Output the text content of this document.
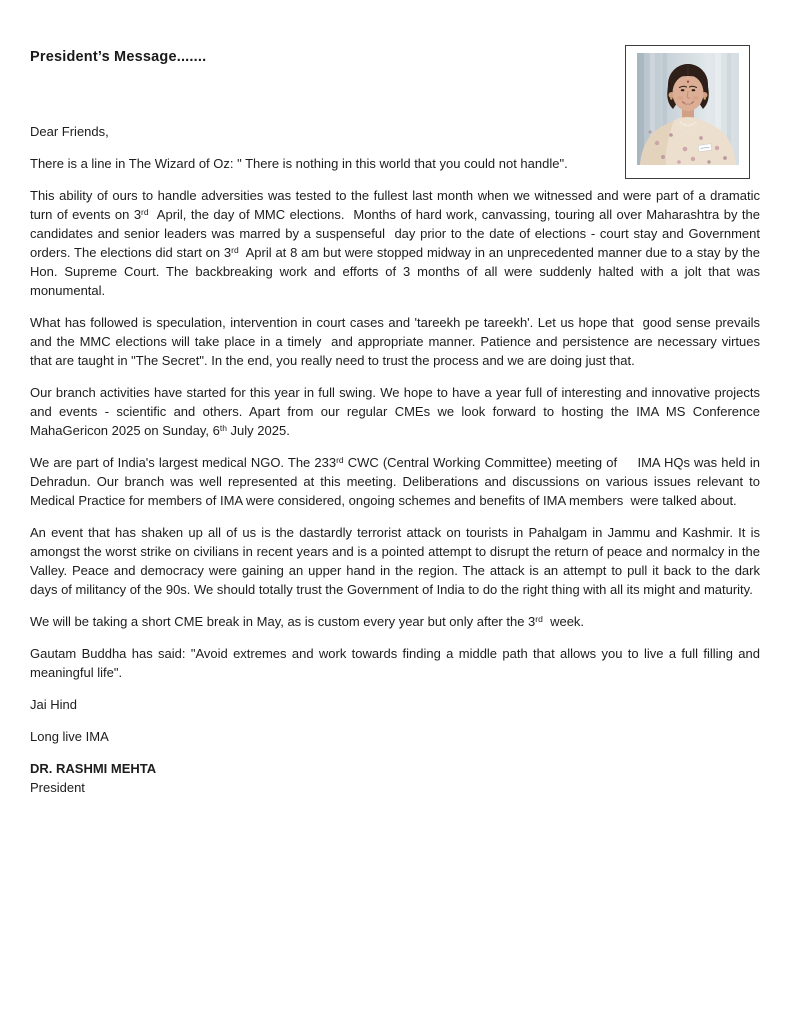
President’s Message.......

Dear Friends,

There is a line in The Wizard of Oz: " There is nothing in this world that you could not handle".

This ability of ours to handle adversities was tested to the fullest last month when we witnessed and were part of a dramatic turn of events on 3rd  April, the day of MMC elections.  Months of hard work, canvassing, touring all over Maharashtra by the candidates and senior leaders was marred by a suspenseful  day prior to the date of elections - court stay and Government orders. The elections did start on 3rd  April at 8 am but were stopped midway in an unprecedented manner due to a stay by the Hon. Supreme Court. The backbreaking work and efforts of 3 months of all were suddenly halted with a jolt that was monumental.

What has followed is speculation, intervention in court cases and 'tareekh pe tareekh'. Let us hope that  good sense prevails and the MMC elections will take place in a timely  and appropriate manner. Patience and persistence are necessary virtues that are taught in "The Secret". In the end, you really need to trust the process and we are doing just that.

Our branch activities have started for this year in full swing. We hope to have a year full of interesting and innovative projects and events - scientific and others. Apart from our regular CMEs we look forward to hosting the IMA MS Conference MahaGericon 2025 on Sunday, 6th July 2025.

We are part of India's largest medical NGO. The 233rd CWC (Central Working Committee) meeting of     IMA HQs was held in Dehradun. Our branch was well represented at this meeting. Deliberations and discussions on various issues relevant to Medical Practice for members of IMA were considered, ongoing schemes and benefits of IMA members  were talked about.

An event that has shaken up all of us is the dastardly terrorist attack on tourists in Pahalgam in Jammu and Kashmir. It is amongst the worst strike on civilians in recent years and is a pointed attempt to disrupt the return of peace and normalcy in the Valley. Peace and democracy were gaining an upper hand in the region. The attack is an attempt to pull it back to the dark days of militancy of the 90s. We should totally trust the Government of India to do the right thing with all its might and maturity.

We will be taking a short CME break in May, as is custom every year but only after the 3rd  week.

Gautam Buddha has said: "Avoid extremes and work towards finding a middle path that allows you to live a full filling and meaningful life".

Jai Hind

Long live IMA

DR. RASHMI MEHTA

President
